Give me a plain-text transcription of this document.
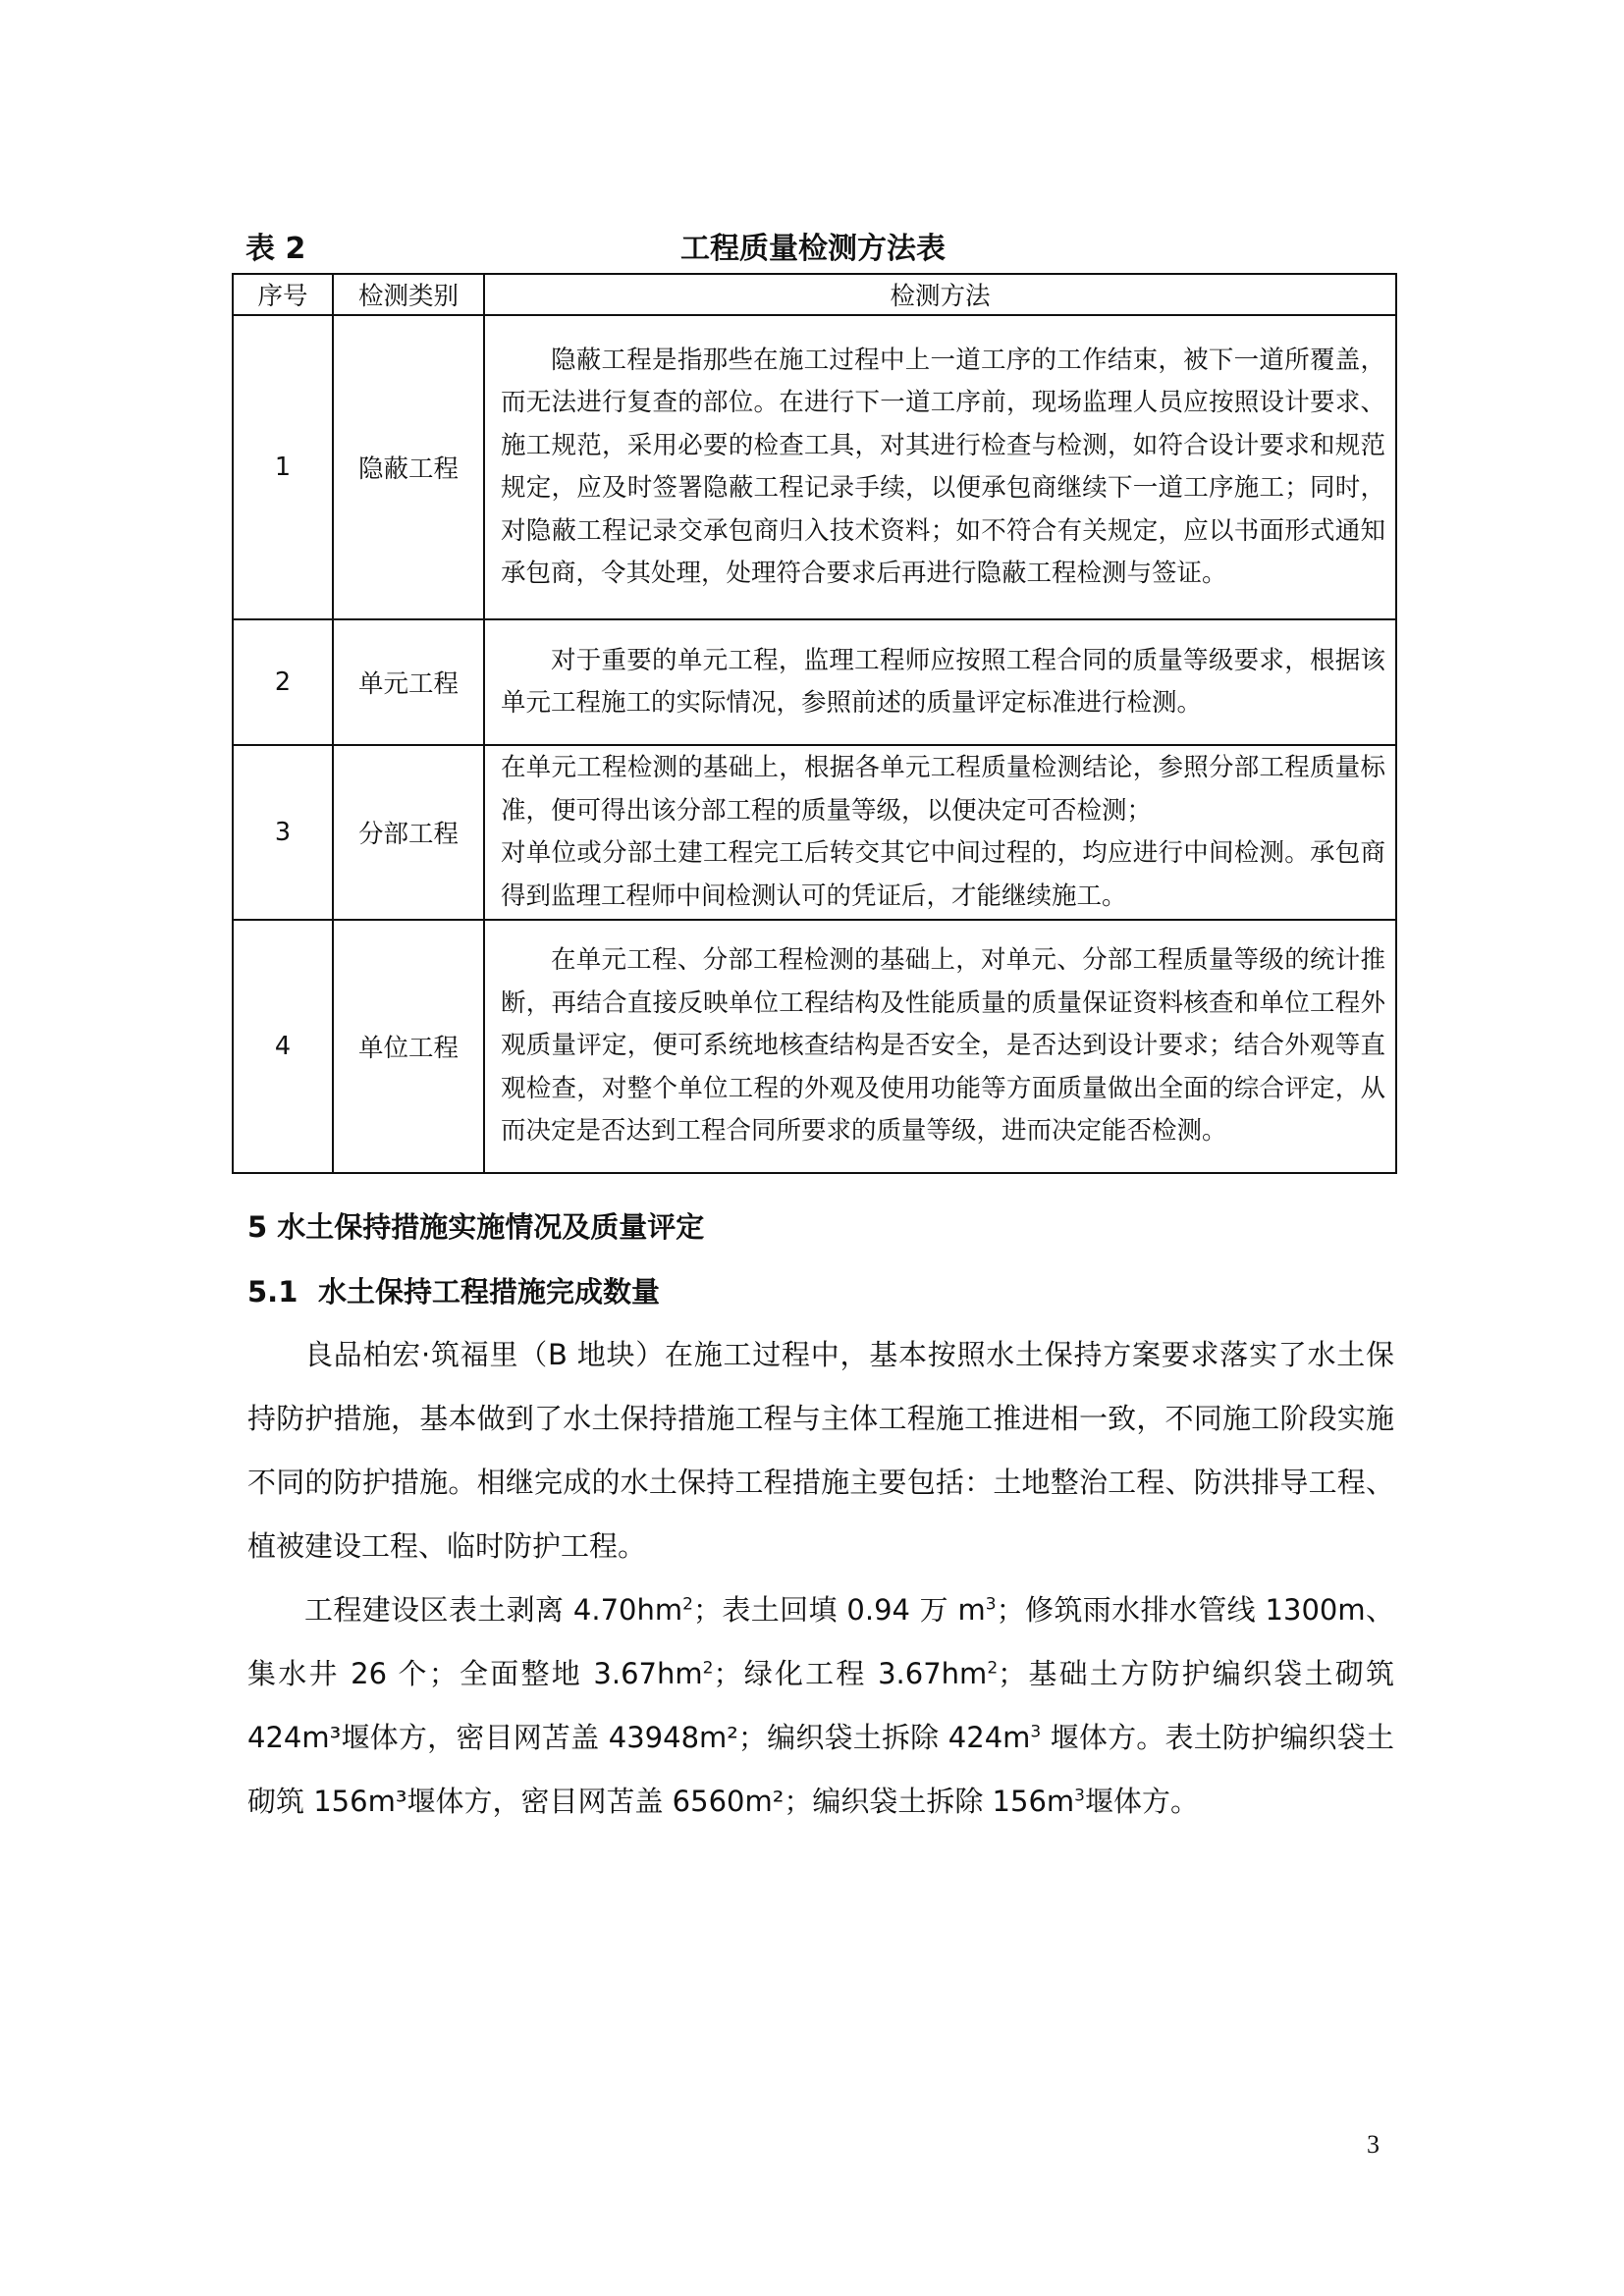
表 2	工程质量检测方法表
序号	检测类别	检测方法
1	隐蔽工程	隐蔽工程是指那些在施工过程中上一道工序的工作结束，被下一道所覆盖，而无法进行复查的部位。在进行下一道工序前，现场监理人员应按照设计要求、施工规范，采用必要的检查工具，对其进行检查与检测，如符合设计要求和规范规定，应及时签署隐蔽工程记录手续，以便承包商继续下一道工序施工；同时，对隐蔽工程记录交承包商归入技术资料；如不符合有关规定，应以书面形式通知承包商，令其处理，处理符合要求后再进行隐蔽工程检测与签证。
2	单元工程	对于重要的单元工程，监理工程师应按照工程合同的质量等级要求，根据该单元工程施工的实际情况，参照前述的质量评定标准进行检测。
3	分部工程	在单元工程检测的基础上，根据各单元工程质量检测结论，参照分部工程质量标准，便可得出该分部工程的质量等级，以便决定可否检测；
对单位或分部土建工程完工后转交其它中间过程的，均应进行中间检测。承包商得到监理工程师中间检测认可的凭证后，才能继续施工。

4	单位工程	在单元工程、分部工程检测的基础上，对单元、分部工程质量等级的统计推断，再结合直接反映单位工程结构及性能质量的质量保证资料核查和单位工程外观质量评定，便可系统地核查结构是否安全，是否达到设计要求；结合外观等直观检查，对整个单位工程的外观及使用功能等方面质量做出全面的综合评定，从而决定是否达到工程合同所要求的质量等级，进而决定能否检测。
5 水土保持措施实施情况及质量评定
5.1 水土保持工程措施完成数量

良品柏宏·筑福里（B 地块）在施工过程中，基本按照水土保持方案要求落实了水土保持防护措施，基本做到了水土保持措施工程与主体工程施工推进相一致，不同施工阶段实施不同的防护措施。相继完成的水土保持工程措施主要包括：土地整治工程、防洪排导工程、植被建设工程、临时防护工程。

工程建设区表土剥离 $4.70hm^2$；表土回填 0.94 万 $m^3$；修筑雨水排水管线 1300m、集水井 26 个；全面整地 $3.67hm^2$；绿化工程 $3.67hm^2$；基础土方防护编织袋土砌筑 424m³堰体方，密目网苫盖 43948m²；编织袋土拆除 $424m^3$ 堰体方。表土防护编织袋土砌筑 156m³堰体方，密目网苫盖 6560m²；编织袋土拆除 $156m^3$堰体方。

3
